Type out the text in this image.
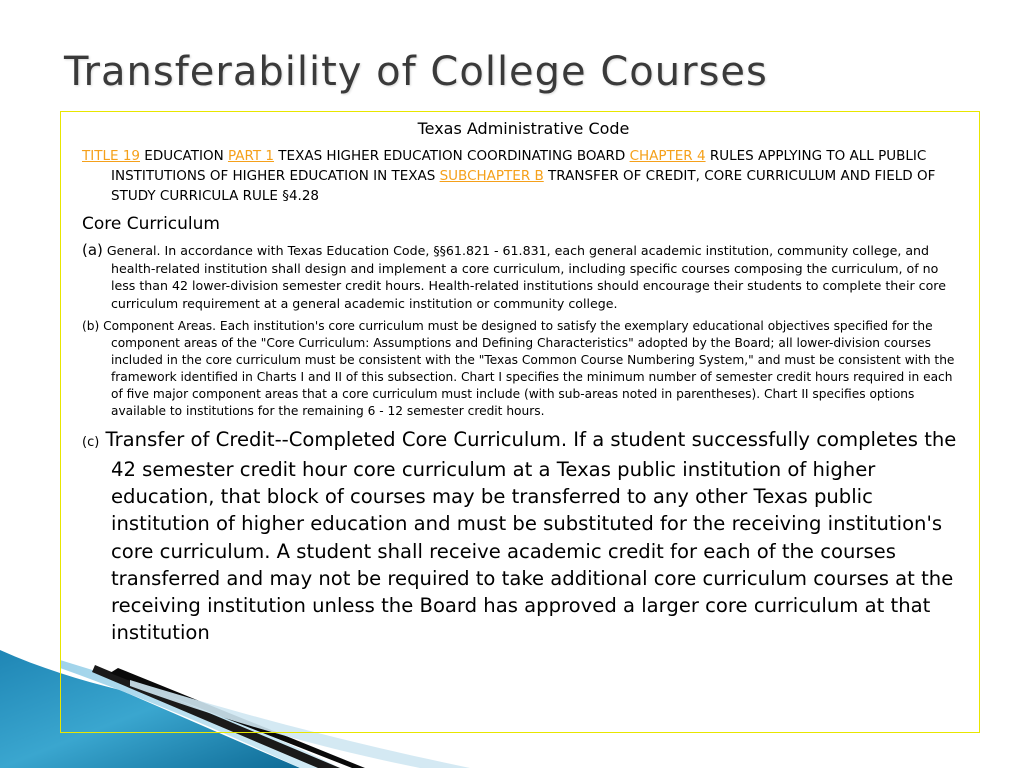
Transferability of College Courses
Texas Administrative Code

TITLE 19 EDUCATION PART 1 TEXAS HIGHER EDUCATION COORDINATING BOARD CHAPTER 4 RULES APPLYING TO ALL PUBLIC INSTITUTIONS OF HIGHER EDUCATION IN TEXAS SUBCHAPTER B TRANSFER OF CREDIT, CORE CURRICULUM AND FIELD OF STUDY CURRICULA RULE §4.28

Core Curriculum

(a) General. In accordance with Texas Education Code, §§61.821 - 61.831, each general academic institution, community college, and health-related institution shall design and implement a core curriculum, including specific courses composing the curriculum, of no less than 42 lower-division semester credit hours. Health-related institutions should encourage their students to complete their core curriculum requirement at a general academic institution or community college.

(b) Component Areas. Each institution's core curriculum must be designed to satisfy the exemplary educational objectives specified for the component areas of the "Core Curriculum: Assumptions and Defining Characteristics" adopted by the Board; all lower-division courses included in the core curriculum must be consistent with the "Texas Common Course Numbering System," and must be consistent with the framework identified in Charts I and II of this subsection. Chart I specifies the minimum number of semester credit hours required in each of five major component areas that a core curriculum must include (with sub-areas noted in parentheses). Chart II specifies options available to institutions for the remaining 6 - 12 semester credit hours.

(c) Transfer of Credit--Completed Core Curriculum. If a student successfully completes the 42 semester credit hour core curriculum at a Texas public institution of higher education, that block of courses may be transferred to any other Texas public institution of higher education and must be substituted for the receiving institution's core curriculum. A student shall receive academic credit for each of the courses transferred and may not be required to take additional core curriculum courses at the receiving institution unless the Board has approved a larger core curriculum at that institution
